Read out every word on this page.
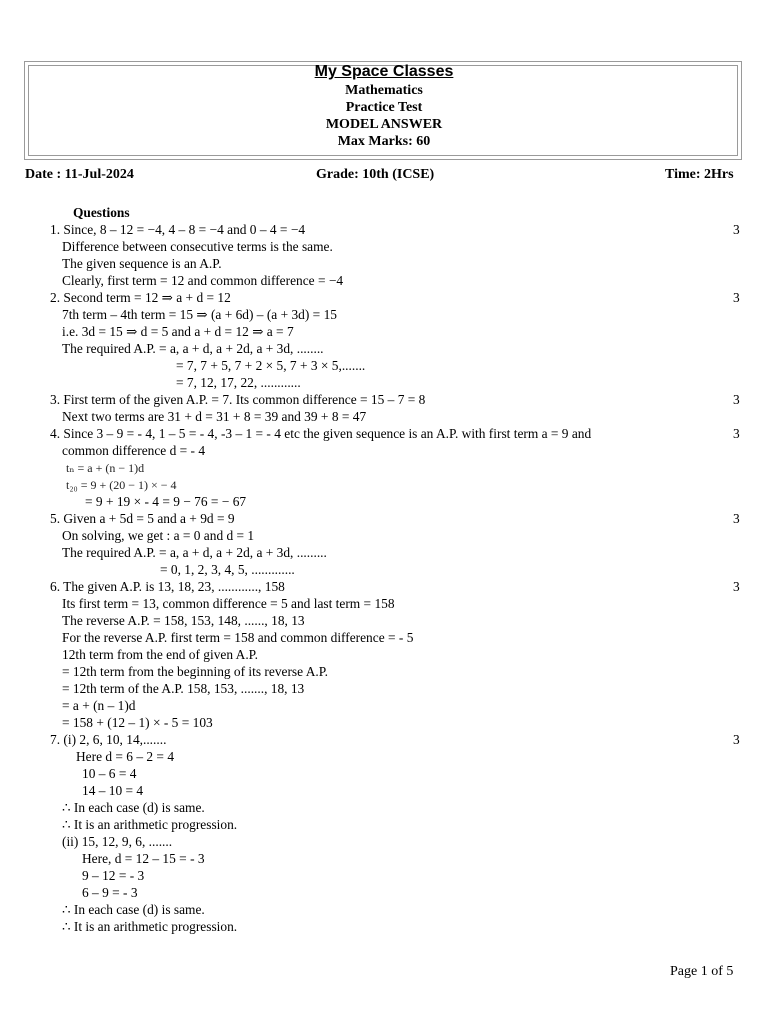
My Space Classes
Mathematics
Practice Test
MODEL ANSWER
Max Marks: 60
Date : 11-Jul-2024	Grade: 10th (ICSE)	Time: 2Hrs
Questions
1. Since, 8 – 12 = −4, 4 – 8 = −4 and 0 – 4 = −4	3
Difference between consecutive terms is the same.
The given sequence is an A.P.
Clearly, first term = 12 and common difference = −4
2. Second term = 12 ⇒ a + d = 12	3
7th term – 4th term = 15 ⇒ (a + 6d) – (a + 3d) = 15
i.e. 3d = 15 ⇒ d = 5 and a + d = 12 ⇒ a = 7
The required A.P. = a, a + d, a + 2d, a + 3d, ........
= 7, 7 + 5, 7 + 2 × 5, 7 + 3 × 5,.......
= 7, 12, 17, 22, ............
3. First term of the given A.P. = 7. Its common difference = 15 – 7 = 8	3
Next two terms are 31 + d = 31 + 8 = 39 and 39 + 8 = 47
4. Since 3 – 9 = - 4, 1 – 5 = - 4, -3 – 1 = - 4 etc the given sequence is an A.P. with first term a = 9 and	3
common difference d = - 4
tₙ = a + (n − 1)d
t₂₀ = 9 + (20 − 1) × − 4
= 9 + 19 × - 4 = 9 − 76 = − 67
5. Given a + 5d = 5 and a + 9d = 9	3
On solving, we get : a = 0 and d = 1
The required A.P. = a, a + d, a + 2d, a + 3d, .........
= 0, 1, 2, 3, 4, 5, .............
6. The given A.P. is 13, 18, 23, ............, 158	3
Its first term = 13, common difference = 5 and last term = 158
The reverse A.P. = 158, 153, 148, ......, 18, 13
For the reverse A.P. first term = 158 and common difference = - 5
12th term from the end of given A.P.
= 12th term from the beginning of its reverse A.P.
= 12th term of the A.P. 158, 153, ......., 18, 13
= a + (n – 1)d
= 158 + (12 – 1) × - 5 = 103
7. (i) 2, 6, 10, 14,.......	3
Here d = 6 – 2 = 4
10 – 6 = 4
14 – 10 = 4
∴ In each case (d) is same.
∴ It is an arithmetic progression.
(ii) 15, 12, 9, 6, .......
Here, d = 12 – 15 = - 3
9 – 12 = - 3
6 – 9 = - 3
∴ In each case (d) is same.
∴ It is an arithmetic progression.
Page 1 of 5
